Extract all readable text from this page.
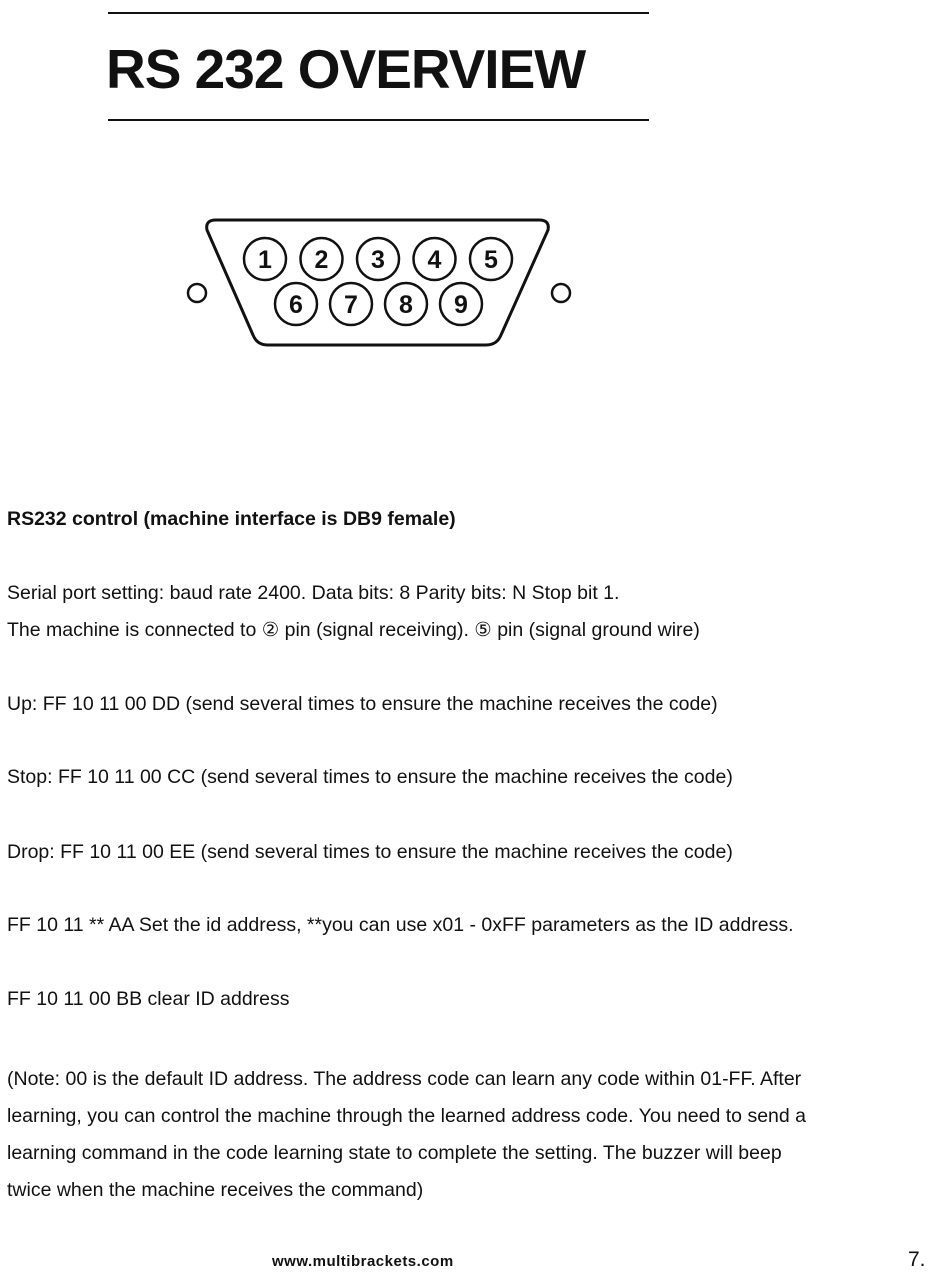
RS 232 OVERVIEW
1 2 3 4 5
6 7 8 9

RS232 control (machine interface is DB9 female)

Serial port setting: baud rate 2400. Data bits: 8 Parity bits: N Stop bit 1.

The machine is connected to ② pin (signal receiving). ⑤ pin (signal ground wire)

Up: FF 10 11 00 DD (send several times to ensure the machine receives the code)

Stop: FF 10 11 00 CC (send several times to ensure the machine receives the code)

Drop: FF 10 11 00 EE (send several times to ensure the machine receives the code)

FF 10 11 ** AA Set the id address, **you can use x01 - 0xFF parameters as the ID address.

FF 10 11 00 BB clear ID address

(Note: 00 is the default ID address. The address code can learn any code within 01-FF. After
learning, you can control the machine through the learned address code. You need to send a
learning command in the code learning state to complete the setting. The buzzer will beep
twice when the machine receives the command)

www.multibrackets.com	7.
